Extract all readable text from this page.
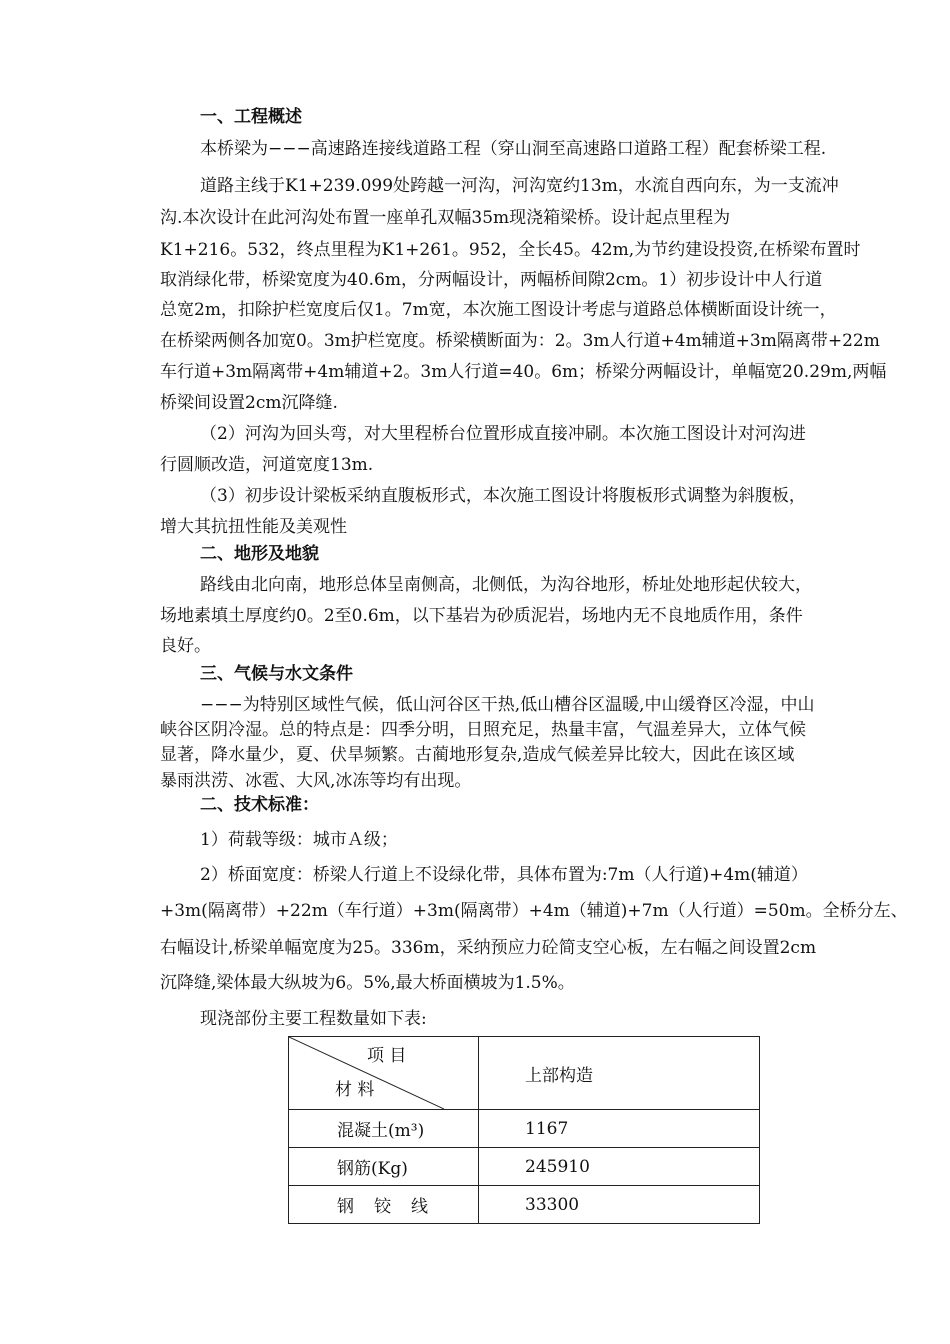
一、工程概述
本桥梁为−−−高速路连接线道路工程（穿山洞至高速路口道路工程）配套桥梁工程.
道路主线于K1+239.099处跨越一河沟，河沟宽约13m，水流自西向东，为一支流冲
沟.本次设计在此河沟处布置一座单孔双幅35m现浇箱梁桥。设计起点里程为
K1+216。532，终点里程为K1+261。952，全长45。42m,为节约建设投资,在桥梁布置时
取消绿化带，桥梁宽度为40.6m，分两幅设计，两幅桥间隙2cm。1）初步设计中人行道
总宽2m，扣除护栏宽度后仅1。7m宽，本次施工图设计考虑与道路总体横断面设计统一，
在桥梁两侧各加宽0。3m护栏宽度。桥梁横断面为：2。3m人行道+4m辅道+3m隔离带+22m
车行道+3m隔离带+4m辅道+2。3m人行道=40。6m；桥梁分两幅设计，单幅宽20.29m,两幅
桥梁间设置2cm沉降缝.
（2）河沟为回头弯，对大里程桥台位置形成直接冲刷。本次施工图设计对河沟进
行圆顺改造，河道宽度13m.
（3）初步设计梁板采纳直腹板形式，本次施工图设计将腹板形式调整为斜腹板，
增大其抗扭性能及美观性
二、地形及地貌
路线由北向南，地形总体呈南侧高，北侧低，为沟谷地形，桥址处地形起伏较大，
场地素填土厚度约0。2至0.6m，以下基岩为砂质泥岩，场地内无不良地质作用，条件
良好。
三、气候与水文条件
−−−为特别区域性气候，低山河谷区干热,低山槽谷区温暖,中山缓脊区冷湿，中山
峡谷区阴冷湿。总的特点是：四季分明，日照充足，热量丰富，气温差异大，立体气候
显著，降水量少，夏、伏旱频繁。古蔺地形复杂,造成气候差异比较大，因此在该区域
暴雨洪涝、冰雹、大风,冰冻等均有出现。
二、技术标准：
1）荷载等级：城市Ａ级；
2）桥面宽度：桥梁人行道上不设绿化带，具体布置为:7m（人行道)+4m(辅道）
+3m(隔离带）+22m（车行道）+3m(隔离带）+4m（辅道)+7m（人行道）=50m。全桥分左、
右幅设计,桥梁单幅宽度为25。336m，采纳预应力砼简支空心板，左右幅之间设置2cm
沉降缝,梁体最大纵坡为6。5%,最大桥面横坡为1.5%。
现浇部份主要工程数量如下表:
项 目
材 料	上部构造
混凝土(m³)	1167
钢筋(Kg)	245910
钢铰线	33300
